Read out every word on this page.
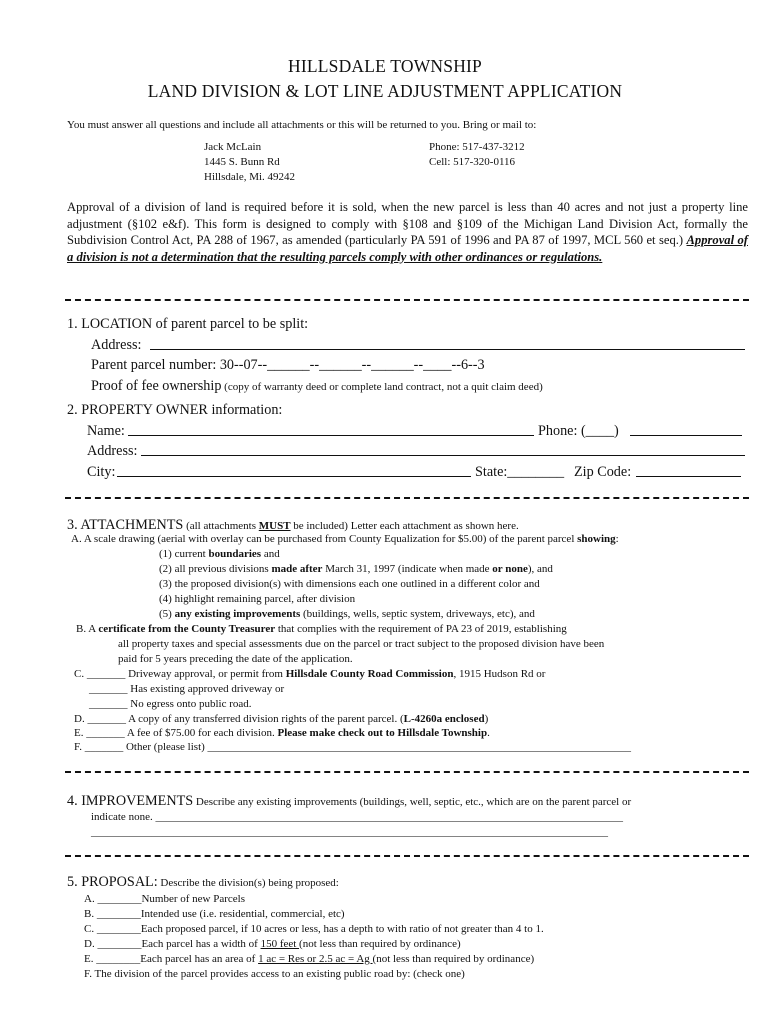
HILLSDALE TOWNSHIP
LAND DIVISION & LOT LINE ADJUSTMENT APPLICATION
You must answer all questions and include all attachments or this will be returned to you. Bring or mail to:
Jack McLain
1445 S. Bunn Rd
Hillsdale, Mi. 49242
Phone: 517-437-3212
Cell: 517-320-0116
Approval of a division of land is required before it is sold, when the new parcel is less than 40 acres and not just a property line adjustment (§102 e&f). This form is designed to comply with §108 and §109 of the Michigan Land Division Act, formally the Subdivision Control Act, PA 288 of 1967, as amended (particularly PA 591 of 1996 and PA 87 of 1997, MCL 560 et seq.) Approval of a division is not a determination that the resulting parcels comply with other ordinances or regulations.
1. LOCATION of parent parcel to be split:
Address:
Parent parcel number: 30--07--______--______--______--____--6--3
Proof of fee ownership (copy of warranty deed or complete land contract, not a quit claim deed)
2. PROPERTY OWNER information:
Name:	Phone: (____)
Address:
City:	State:________ Zip Code:
3. ATTACHMENTS (all attachments MUST be included) Letter each attachment as shown here.
A. A scale drawing (aerial with overlay can be purchased from County Equalization for $5.00) of the parent parcel showing:
(1) current boundaries and
(2) all previous divisions made after March 31, 1997 (indicate when made or none), and
(3) the proposed division(s) with dimensions each one outlined in a different color and
(4) highlight remaining parcel, after division
(5) any existing improvements (buildings, wells, septic system, driveways, etc), and
B. A certificate from the County Treasurer that complies with the requirement of PA 23 of 2019, establishing
all property taxes and special assessments due on the parcel or tract subject to the proposed division have been
paid for 5 years preceding the date of the application.
C. _______ Driveway approval, or permit from Hillsdale County Road Commission, 1915 Hudson Rd or
_______ Has existing approved driveway or
_______ No egress onto public road.
D. _______ A copy of any transferred division rights of the parent parcel. (L-4260a enclosed)
E. _______ A fee of $75.00 for each division. Please make check out to Hillsdale Township.
F. _______ Other (please list) _____________________________________________________________________________
4. IMPROVEMENTS Describe any existing improvements (buildings, well, septic, etc., which are on the parent parcel or
indicate none. _____________________________________________________________________________________
______________________________________________________________________________________________
5. PROPOSAL: Describe the division(s) being proposed:
A. ________Number of new Parcels
B. ________Intended use (i.e. residential, commercial, etc)
C. ________Each proposed parcel, if 10 acres or less, has a depth to with ratio of not greater than 4 to 1.
D. ________Each parcel has a width of 150 feet (not less than required by ordinance)
E. ________Each parcel has an area of 1 ac = Res or 2.5 ac = Ag (not less than required by ordinance)
F. The division of the parcel provides access to an existing public road by: (check one)
